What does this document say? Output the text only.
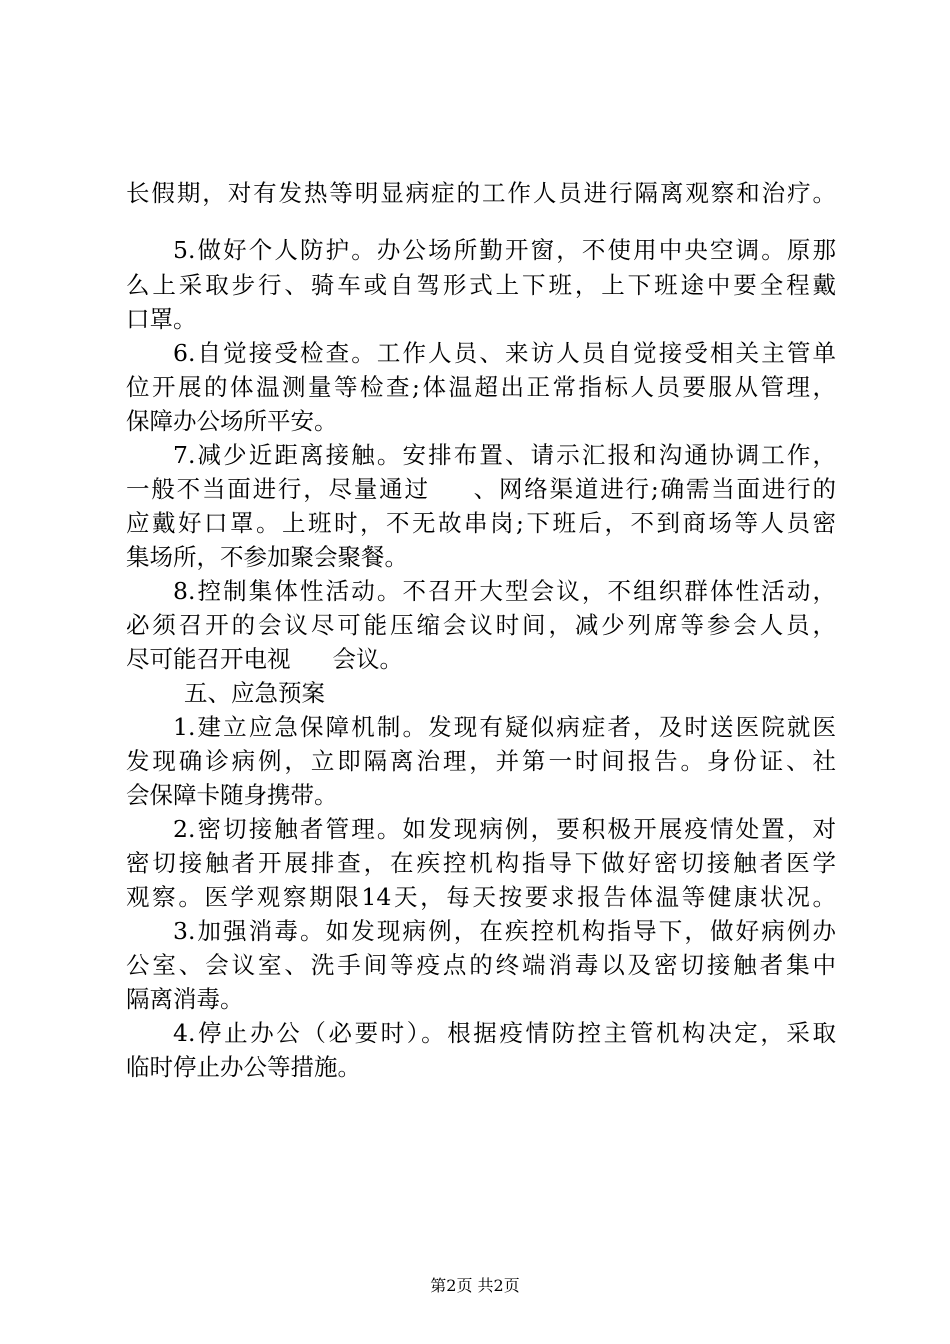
长假期，对有发热等明显病症的工作人员进行隔离观察和治疗。
5.做好个人防护。办公场所勤开窗，不使用中央空调。原那
么上采取步行、骑车或自驾形式上下班，上下班途中要全程戴
口罩。
6.自觉接受检查。工作人员、来访人员自觉接受相关主管单
位开展的体温测量等检查;体温超出正常指标人员要服从管理，
保障办公场所平安。
7.减少近距离接触。安排布置、请示汇报和沟通协调工作，
一般不当面进行，尽量通过 、网络渠道进行;确需当面进行的
应戴好口罩。上班时，不无故串岗;下班后，不到商场等人员密
集场所，不参加聚会聚餐。
8.控制集体性活动。不召开大型会议，不组织群体性活动，
必须召开的会议尽可能压缩会议时间，减少列席等参会人员，
尽可能召开电视 会议。
五、应急预案
1.建立应急保障机制。发现有疑似病症者，及时送医院就医
发现确诊病例，立即隔离治理，并第一时间报告。身份证、社
会保障卡随身携带。
2.密切接触者管理。如发现病例，要积极开展疫情处置，对
密切接触者开展排查，在疾控机构指导下做好密切接触者医学
观察。医学观察期限14天，每天按要求报告体温等健康状况。
3.加强消毒。如发现病例，在疾控机构指导下，做好病例办
公室、会议室、洗手间等疫点的终端消毒以及密切接触者集中
隔离消毒。
4.停止办公（必要时）。根据疫情防控主管机构决定，采取
临时停止办公等措施。
第2页 共2页
